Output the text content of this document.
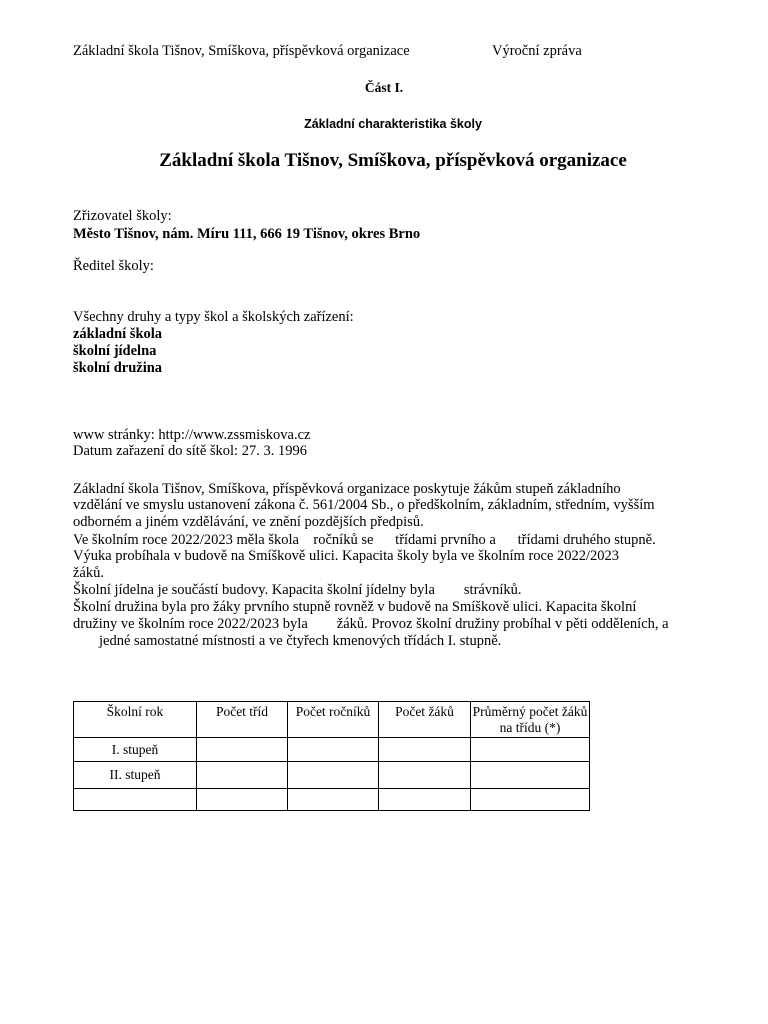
Základní škola Tišnov, Smíškova, příspěvková organizace	Výroční zpráva
Část I.
Základní charakteristika školy
Základní škola Tišnov, Smíškova, příspěvková organizace
Zřizovatel školy:
Město Tišnov, nám. Míru 111, 666 19 Tišnov, okres Brno
Ředitel školy:
Všechny druhy a typy škol a školských zařízení:
základní škola
školní jídelna
školní družina
www stránky: http://www.zssmiskova.cz
Datum zařazení do sítě škol: 27. 3. 1996
Základní škola Tišnov, Smíškova, příspěvková organizace poskytuje žákům stupeň základního
vzdělání ve smyslu ustanovení zákona č. 561/2004 Sb., o předškolním, základním, středním, vyšším
odborném a jiném vzdělávání, ve znění pozdějších předpisů.
Ve školním roce 2022/2023 měla škola    ročníků se      třídami prvního a      třídami druhého stupně.
Výuka probíhala v budově na Smíškově ulici. Kapacita školy byla ve školním roce 2022/2023
žáků.
Školní jídelna je součástí budovy. Kapacita školní jídelny byla        strávníků.
Školní družina byla pro žáky prvního stupně rovněž v budově na Smíškově ulici. Kapacita školní
družiny ve školním roce 2022/2023 byla        žáků. Provoz školní družiny probíhal v pěti odděleních, a
jedné samostatné místnosti a ve čtyřech kmenových třídách I. stupně.
Školní rok	Počet tříd	Počet ročníků	Počet žáků	Průměrný počet žáků na třídu (*)
I. stupeň				
II. stupeň				
